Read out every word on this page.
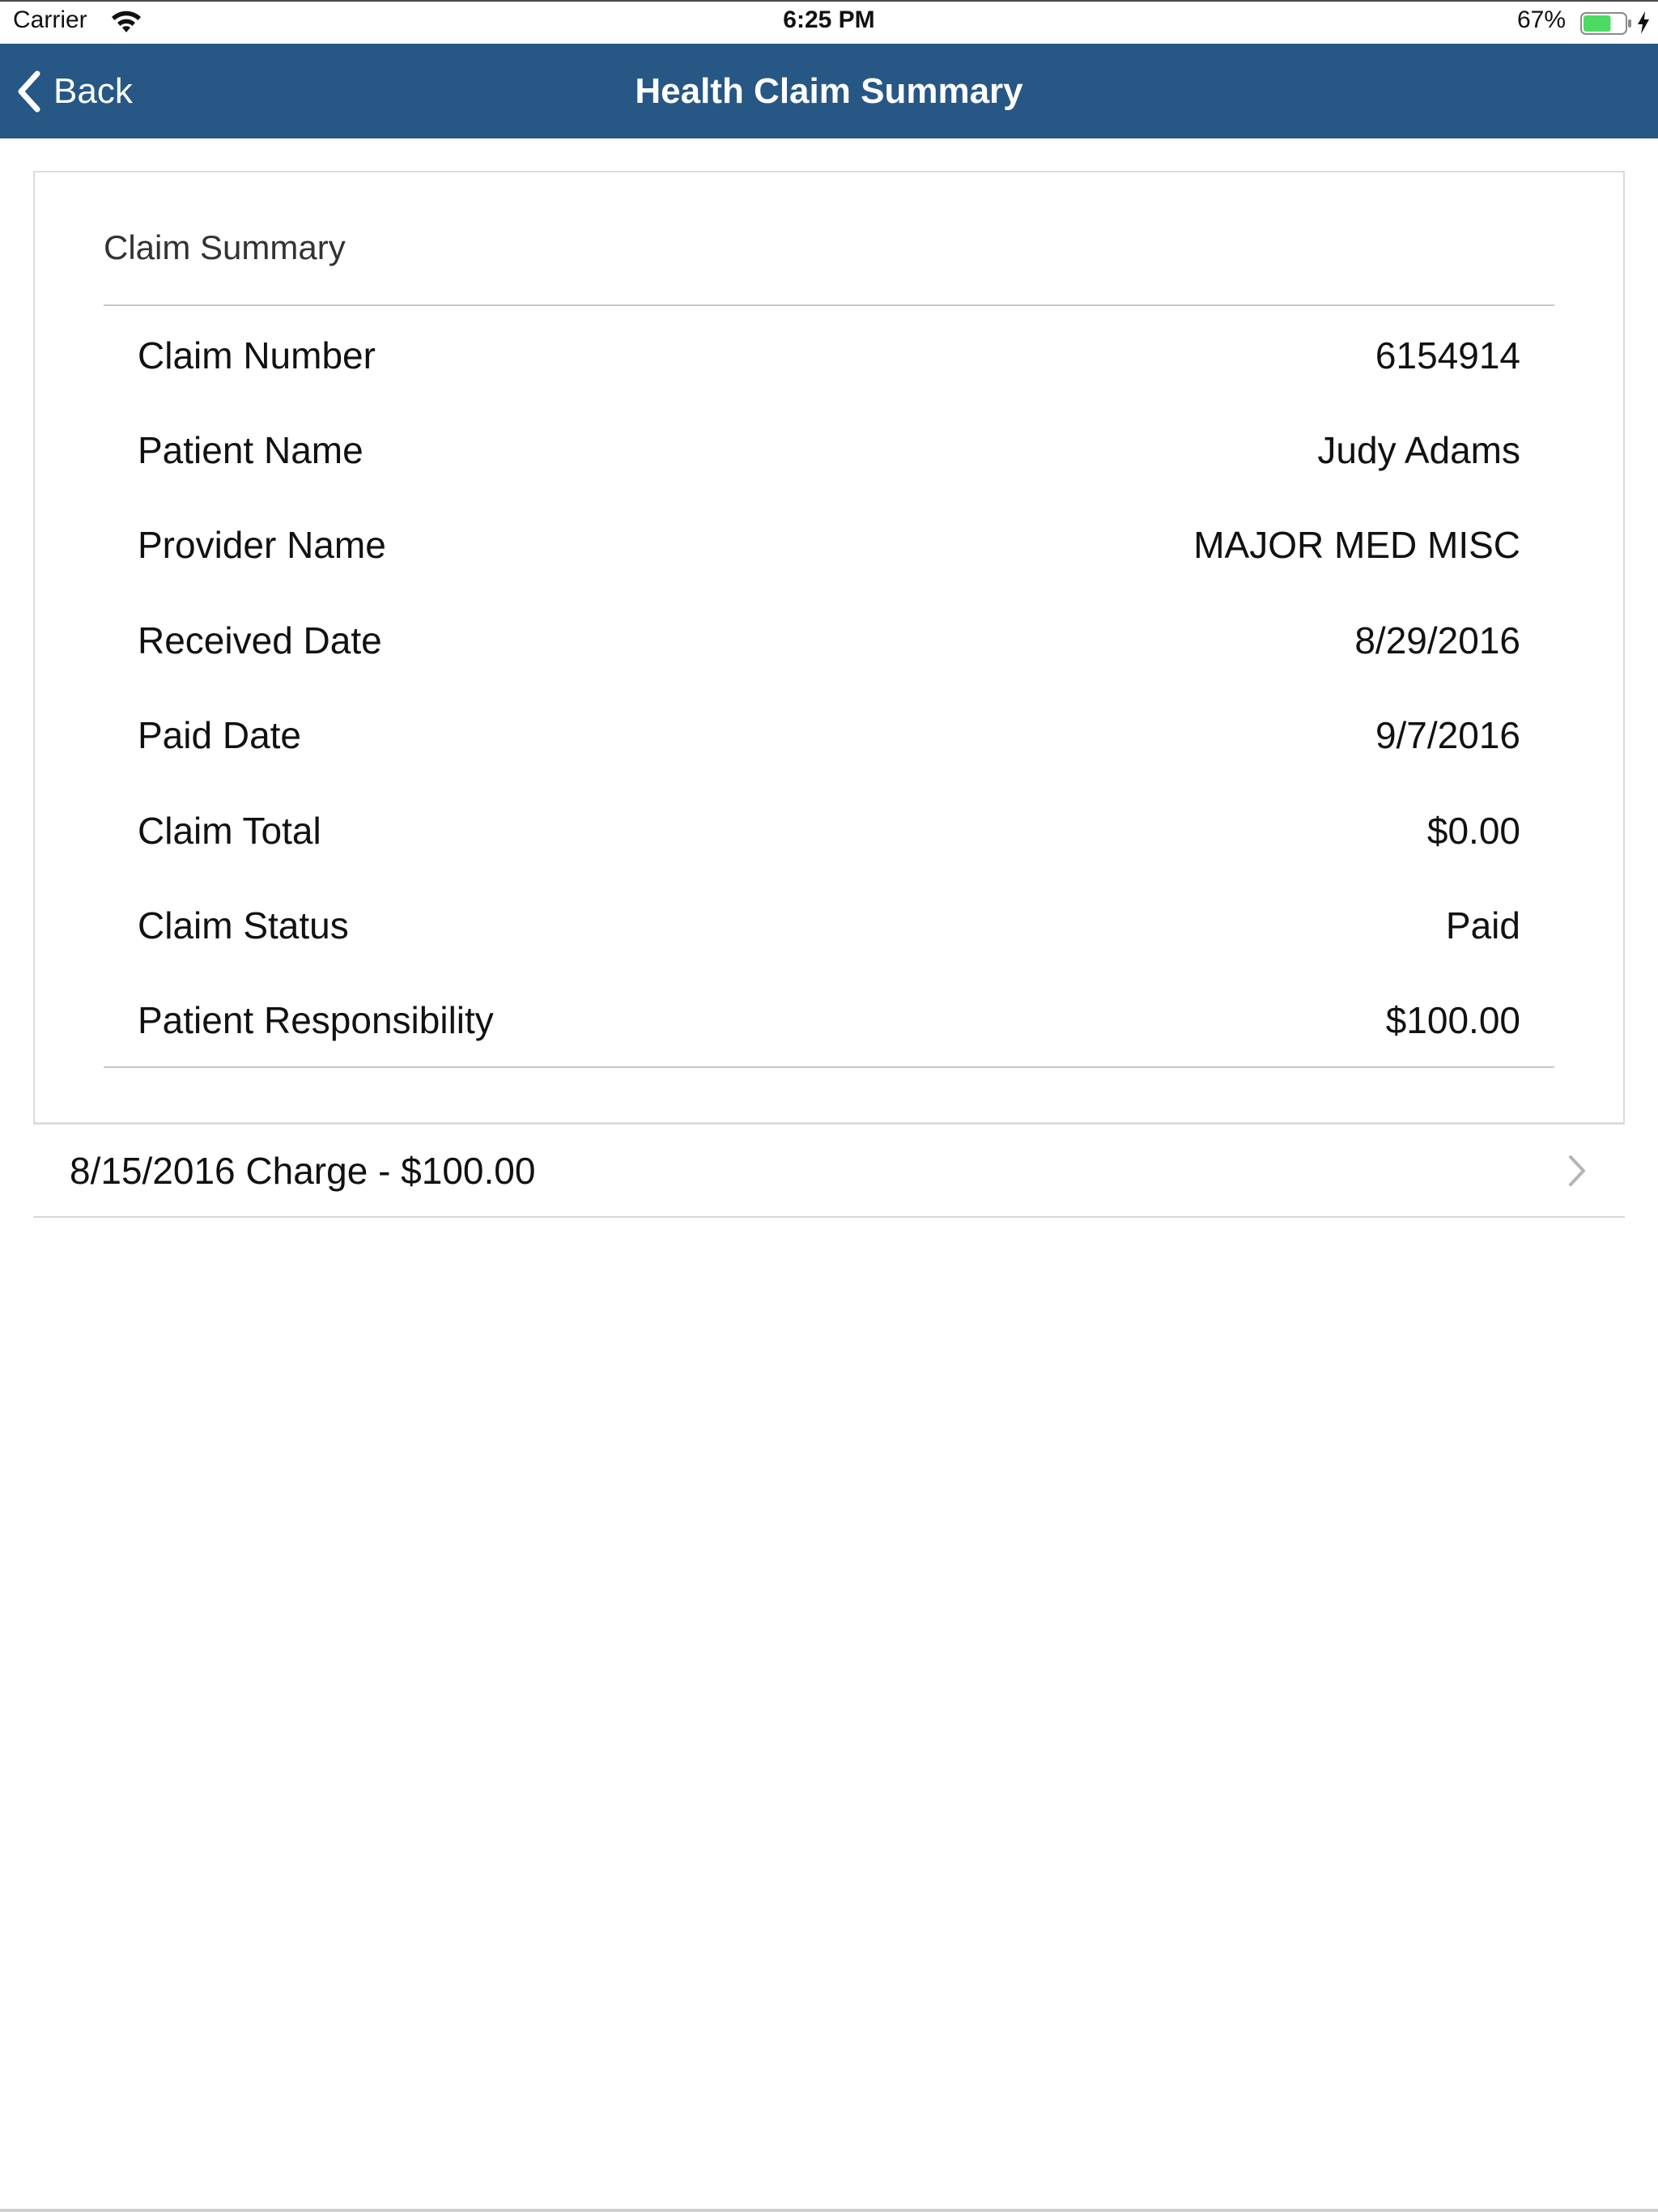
Carrier	6:25 PM	67%
Health Claim Summary
Back
Claim Summary
Claim Number	6154914
Patient Name	Judy Adams
Provider Name	MAJOR MED MISC
Received Date	8/29/2016
Paid Date	9/7/2016
Claim Total	$0.00
Claim Status	Paid
Patient Responsibility	$100.00
8/15/2016 Charge - $100.00
